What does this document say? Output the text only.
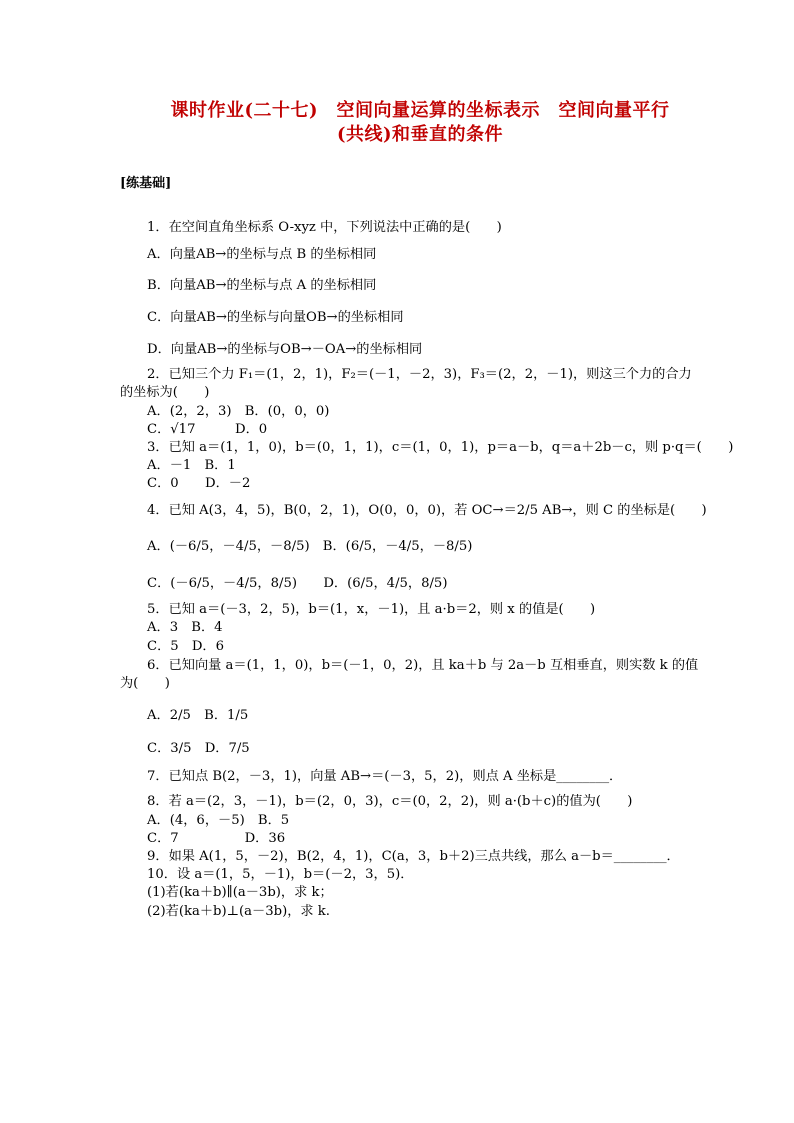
课时作业(二十七)　空间向量运算的坐标表示　空间向量平行
(共线)和垂直的条件
[练基础]
1．在空间直角坐标系 O-xyz 中，下列说法中正确的是(　　)
A．向量AB→的坐标与点 B 的坐标相同
B．向量AB→的坐标与点 A 的坐标相同
C．向量AB→的坐标与向量OB→的坐标相同
D．向量AB→的坐标与OB→－OA→的坐标相同
2．已知三个力 F₁＝(1，2，1)，F₂＝(－1，－2，3)，F₃＝(2，2，－1)，则这三个力的合力
的坐标为(　　)
A．(2，2，3)　B．(0，0，0)
C．√17　　　D．0
3．已知 a＝(1，1，0)，b＝(0，1，1)，c＝(1，0，1)，p＝a－b，q＝a＋2b－c，则 p·q＝(　　)
A．－1　B．1
C．0　　D．－2
4．已知 A(3，4，5)，B(0，2，1)，O(0，0，0)，若 OC→＝2/5 AB→，则 C 的坐标是(　　)
A．(－6/5，－4/5，－8/5)　B．(6/5，－4/5，－8/5)
C．(－6/5，－4/5，8/5)　　D．(6/5，4/5，8/5)
5．已知 a＝(－3，2，5)，b＝(1，x，－1)，且 a·b＝2，则 x 的值是(　　)
A．3　B．4
C．5　D．6
6．已知向量 a＝(1，1，0)，b＝(－1，0，2)，且 ka＋b 与 2a－b 互相垂直，则实数 k 的值
为(　　)
A．2/5　B．1/5
C．3/5　D．7/5
7．已知点 B(2，－3，1)，向量 AB→＝(－3，5，2)，则点 A 坐标是________．
8．若 a＝(2，3，－1)，b＝(2，0，3)，c＝(0，2，2)，则 a·(b＋c)的值为(　　)
A．(4，6，－5)　B．5
C．7　　　　　D．36
9．如果 A(1，5，－2)，B(2，4，1)，C(a，3，b＋2)三点共线，那么 a－b＝________．
10．设 a＝(1，5，－1)，b＝(－2，3，5)．
(1)若(ka＋b)∥(a－3b)，求 k；
(2)若(ka＋b)⊥(a－3b)，求 k.
